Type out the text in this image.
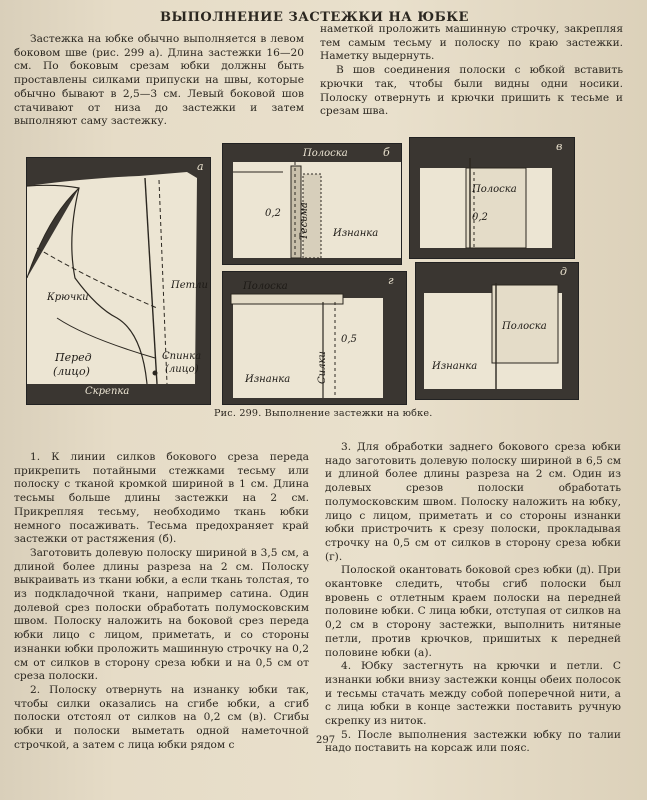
ВЫПОЛНЕНИЕ ЗАСТЕЖКИ НА ЮБКЕ

Застежка на юбке обычно выполняется в левом боковом шве (рис. 299 а). Длина застежки 16—20 см. По боковым срезам юбки должны быть проставлены силками припуски на швы, которые обычно бывают в 2,5—3 см. Левый боковой шов стачивают от низа до застежки и затем выполняют саму застежку.

наметкой проложить машинную строчку, закрепляя тем самым тесьму и полоску по краю застежки. Наметку выдернуть.

В шов соединения полоски с юбкой вставить крючки так, чтобы были видны одни носики. Полоску отвернуть и крючки пришить к тесьме и срезам шва.

а
Крючки
Петли
Перед
(лицо)
Спинка
(лицо)
Скрепка
б
Полоска
0,2 Тесьма Изнанка
в
Полоска
0,2
г
Полоска
0,5
Силки
Изнанка
д
Полоска
Изнанка
Рис. 299. Выполнение застежки на юбке.

1. К линии силков бокового среза переда прикрепить потайными стежками тесьму или полоску с тканой кромкой шириной в 1 см. Длина тесьмы больше длины застежки на 2 см. Прикрепляя тесьму, необходимо ткань юбки немного посаживать. Тесьма предохраняет край застежки от растяжения (б).

Заготовить долевую полоску шириной в 3,5 см, а длиной более длины разреза на 2 см. Полоску выкраивать из ткани юбки, а если ткань толстая, то из подкладочной ткани, например сатина. Один долевой срез полоски обработать полумосковским швом. Полоску наложить на боковой срез переда юбки лицо с лицом, приметать, и со стороны изнанки юбки проложить машинную строчку на 0,2 см от силков в сторону среза юбки и на 0,5 см от среза полоски.

2. Полоску отвернуть на изнанку юбки так, чтобы силки оказались на сгибе юбки, а сгиб полоски отстоял от силков на 0,2 см (в). Сгибы юбки и полоски выметать одной наметочной строчкой, а затем с лица юбки рядом с

3. Для обработки заднего бокового среза юбки надо заготовить долевую полоску шириной в 6,5 см и длиной более длины разреза на 2 см. Один из долевых срезов полоски обработать полумосковским швом. Полоску наложить на юбку, лицо с лицом, приметать и со стороны изнанки юбки пристрочить к срезу полоски, прокладывая строчку на 0,5 см от силков в сторону среза юбки (г).

Полоской окантовать боковой срез юбки (д). При окантовке следить, чтобы сгиб полоски был вровень с отлетным краем полоски на передней половине юбки. С лица юбки, отступая от силков на 0,2 см в сторону застежки, выполнить нитяные петли, против крючков, пришитых к передней половине юбки (а).

4. Юбку застегнуть на крючки и петли. С изнанки юбки внизу застежки концы обеих полосок и тесьмы стачать между собой поперечной нити, а с лица юбки в конце застежки поставить ручную скрепку из ниток.

5. После выполнения застежки юбку по талии надо поставить на корсаж или пояс.

297
